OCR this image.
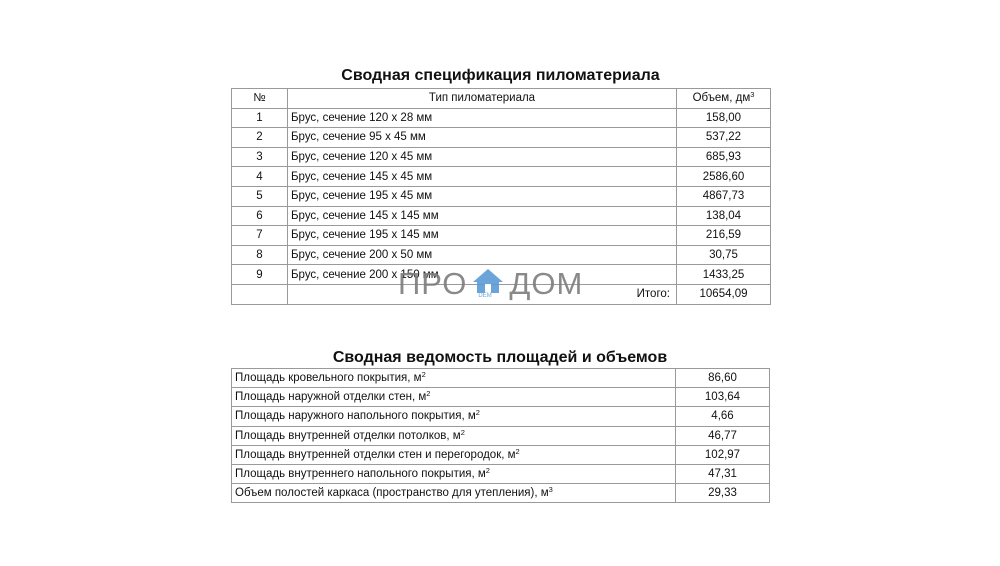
Сводная спецификация пиломатериала
№	Тип пиломатериала	Объем, $дм^3$
1	Брус, сечение 120 х 28 мм	158,00
2	Брус, сечение 95 х 45 мм	537,22
3	Брус, сечение 120 х 45 мм	685,93
4	Брус, сечение 145 х 45 мм	2586,60
5	Брус, сечение 195 х 45 мм	4867,73
6	Брус, сечение 145 х 145 мм	138,04
7	Брус, сечение 195 х 145 мм	216,59
8	Брус, сечение 200 х 50 мм	30,75
9	Брус, сечение 200 х 150 мм	1433,25
	Итого:	10654,09
Сводная ведомость площадей и объемов
Площадь кровельного покрытия, $м^2$	86,60
Площадь наружной отделки стен, $м^2$	103,64
Площадь наружного напольного покрытия, $м^2$	4,66
Площадь внутренней отделки потолков, $м^2$	46,77
Площадь внутренней отделки стен и перегородок, $м^2$	102,97
Площадь внутреннего напольного покрытия, $м^2$	47,31
Объем полостей каркаса (пространство для утепления), $м^3$	29,33
ПРО DEM ДОМ
